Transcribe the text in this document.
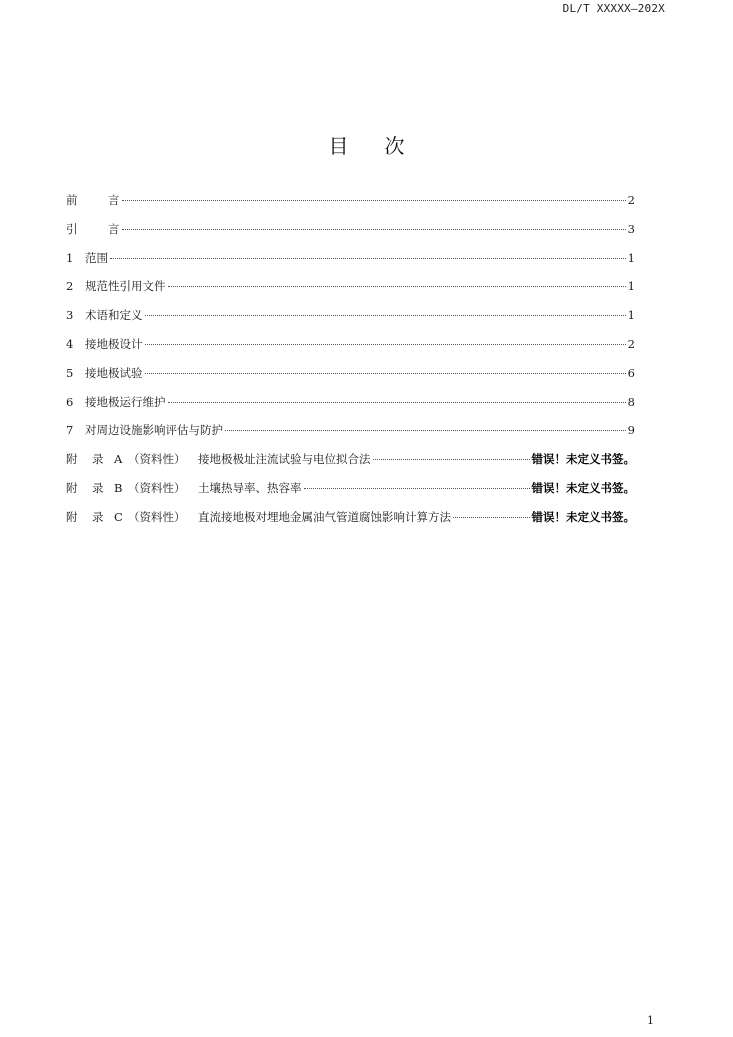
DL/T XXXXX—202X
目 次
前	言	2
引	言	3
1	范围	1
2	规范性引用文件	1
3	术语和定义	1
4	接地极设计	2
5	接地极试验	6
6	接地极运行维护	8
7	对周边设施影响评估与防护	9
附	录 A （资料性）	接地极极址注流试验与电位拟合法	错误！未定义书签。
附	录 B （资料性）	土壤热导率、热容率	错误！未定义书签。
附	录 C （资料性）	直流接地极对埋地金属油气管道腐蚀影响计算方法	错误！未定义书签。
1
